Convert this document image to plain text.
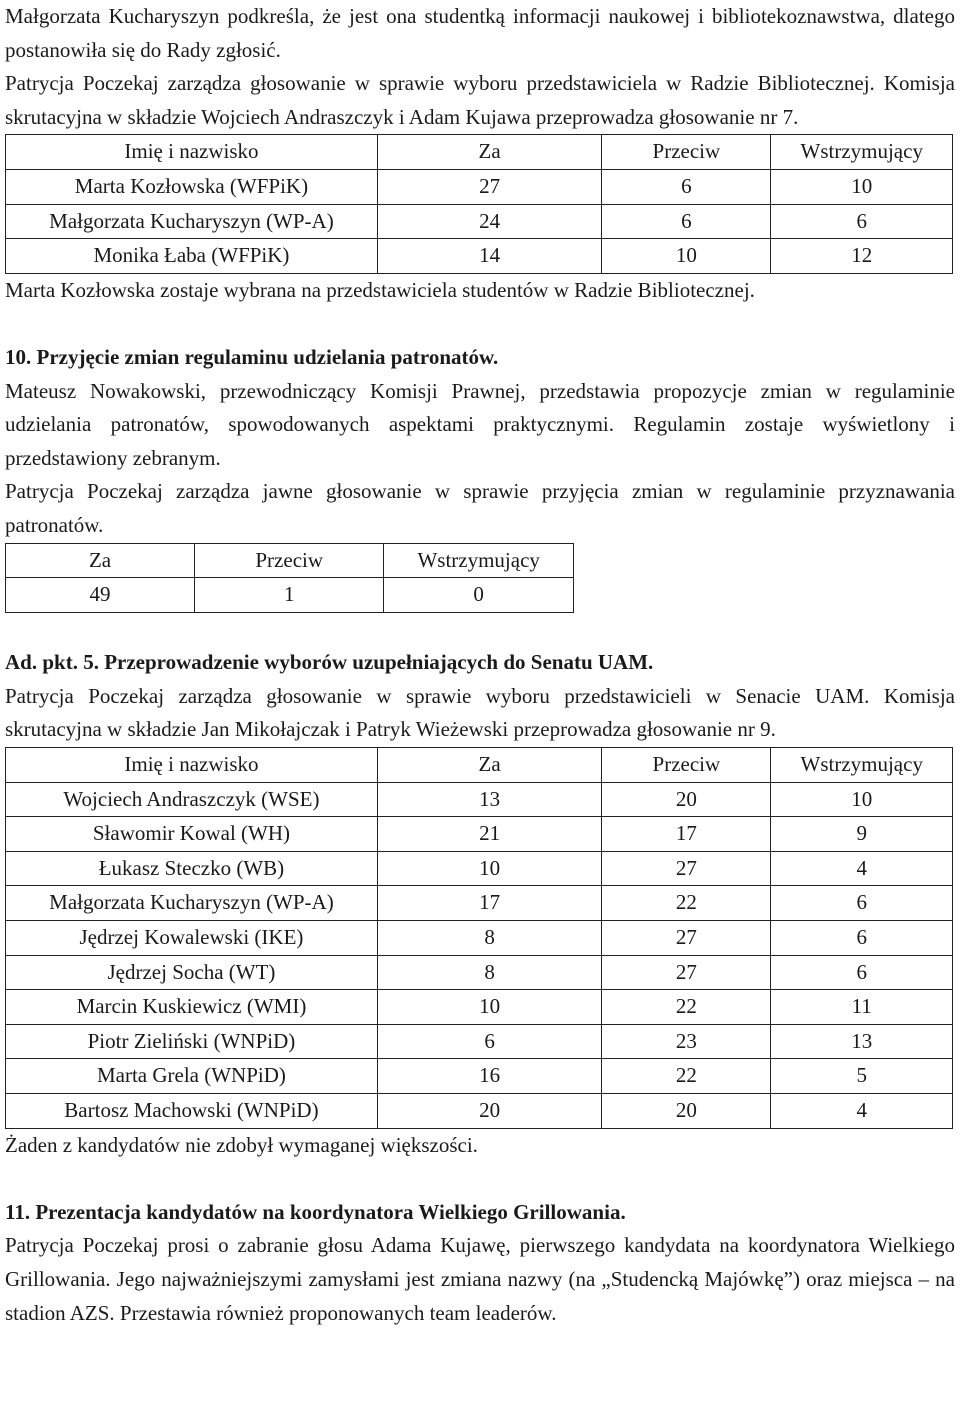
Małgorzata Kucharyszyn podkreśla, że jest ona studentką informacji naukowej i bibliotekoznawstwa, dlatego postanowiła się do Rady zgłosić.

Patrycja Poczekaj zarządza głosowanie w sprawie wyboru przedstawiciela w Radzie Bibliotecznej. Komisja skrutacyjna w składzie Wojciech Andraszczyk i Adam Kujawa przeprowadza głosowanie nr 7.

Imię i nazwisko	Za	Przeciw	Wstrzymujący
Marta Kozłowska (WFPiK)	27	6	10
Małgorzata Kucharyszyn (WP-A)	24	6	6
Monika Łaba (WFPiK)	14	10	12

Marta Kozłowska zostaje wybrana na przedstawiciela studentów w Radzie Bibliotecznej.

10. Przyjęcie zmian regulaminu udzielania patronatów.

Mateusz Nowakowski, przewodniczący Komisji Prawnej, przedstawia propozycje zmian w regulaminie udzielania patronatów, spowodowanych aspektami praktycznymi. Regulamin zostaje wyświetlony i przedstawiony zebranym.

Patrycja Poczekaj zarządza jawne głosowanie w sprawie przyjęcia zmian w regulaminie przyznawania patronatów.

Za	Przeciw	Wstrzymujący
49	1	0
Ad. pkt. 5. Przeprowadzenie wyborów uzupełniających do Senatu UAM.

Patrycja Poczekaj zarządza głosowanie w sprawie wyboru przedstawicieli w Senacie UAM. Komisja skrutacyjna w składzie Jan Mikołajczak i Patryk Wieżewski przeprowadza głosowanie nr 9.

Imię i nazwisko	Za	Przeciw	Wstrzymujący
Wojciech Andraszczyk (WSE)	13	20	10
Sławomir Kowal (WH)	21	17	9
Łukasz Steczko (WB)	10	27	4
Małgorzata Kucharyszyn (WP-A)	17	22	6
Jędrzej Kowalewski (IKE)	8	27	6
Jędrzej Socha (WT)	8	27	6
Marcin Kuskiewicz (WMI)	10	22	11
Piotr Zieliński (WNPiD)	6	23	13
Marta Grela (WNPiD)	16	22	5
Bartosz Machowski (WNPiD)	20	20	4

Żaden z kandydatów nie zdobył wymaganej większości.

11. Prezentacja kandydatów na koordynatora Wielkiego Grillowania.

Patrycja Poczekaj prosi o zabranie głosu Adama Kujawę, pierwszego kandydata na koordynatora Wielkiego Grillowania. Jego najważniejszymi zamysłami jest zmiana nazwy (na „Studencką Majówkę”) oraz miejsca – na stadion AZS. Przestawia również proponowanych team leaderów.
